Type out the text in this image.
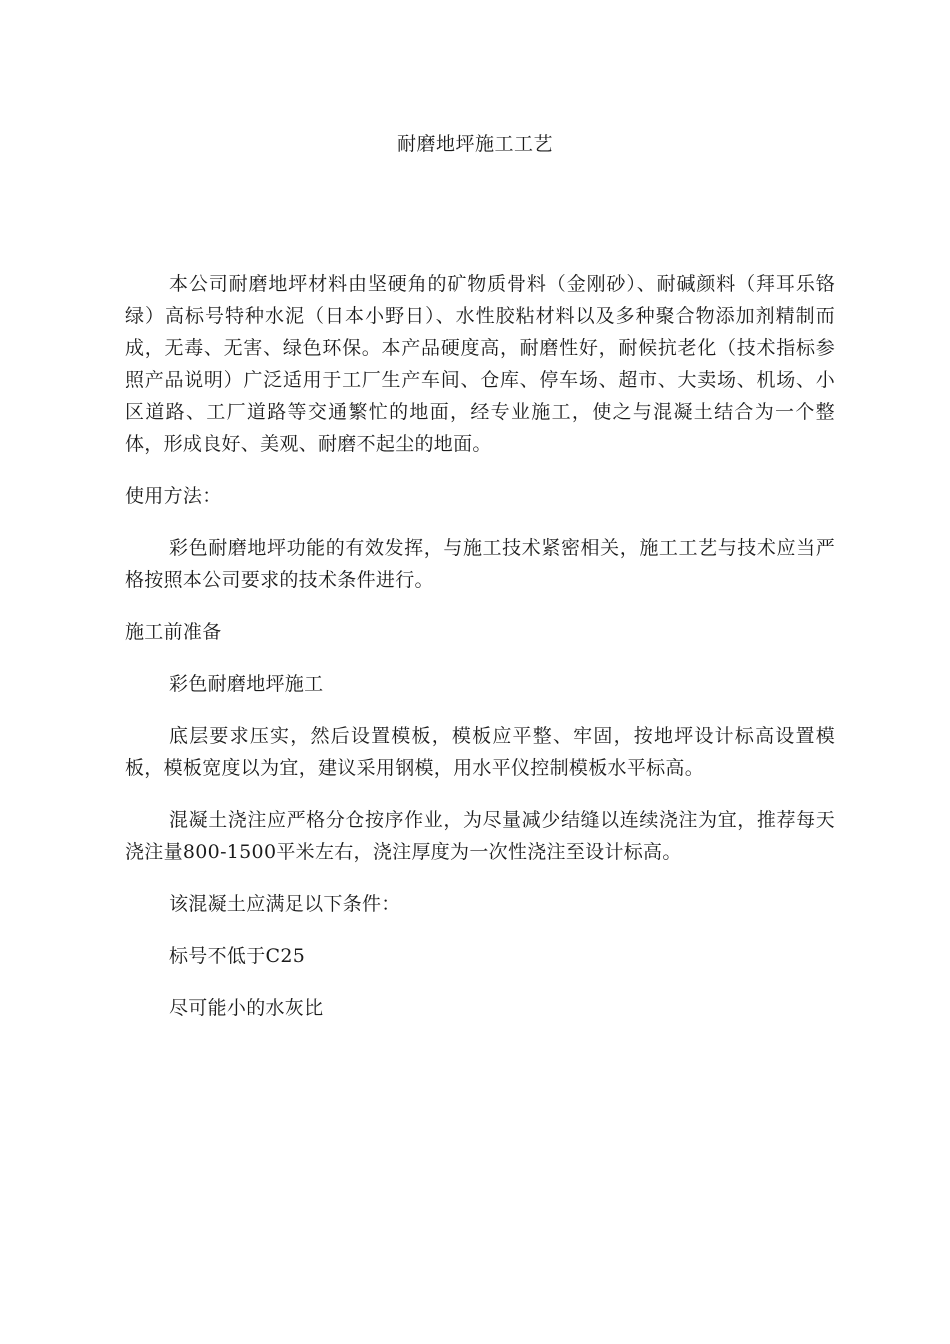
耐磨地坪施工工艺

本公司耐磨地坪材料由坚硬角的矿物质骨料（金刚砂）、耐碱颜料（拜耳乐铬绿）高标号特种水泥（日本小野日）、水性胶粘材料以及多种聚合物添加剂精制而成，无毒、无害、绿色环保。本产品硬度高，耐磨性好，耐候抗老化（技术指标参照产品说明）广泛适用于工厂生产车间、仓库、停车场、超市、大卖场、机场、小区道路、工厂道路等交通繁忙的地面，经专业施工，使之与混凝土结合为一个整体，形成良好、美观、耐磨不起尘的地面。

使用方法：

彩色耐磨地坪功能的有效发挥，与施工技术紧密相关，施工工艺与技术应当严格按照本公司要求的技术条件进行。

施工前准备

彩色耐磨地坪施工

底层要求压实，然后设置模板，模板应平整、牢固，按地坪设计标高设置模板，模板宽度以为宜，建议采用钢模，用水平仪控制模板水平标高。

混凝土浇注应严格分仓按序作业，为尽量减少结缝以连续浇注为宜，推荐每天浇注量800-1500平米左右，浇注厚度为一次性浇注至设计标高。

该混凝土应满足以下条件：

标号不低于C25

尽可能小的水灰比
